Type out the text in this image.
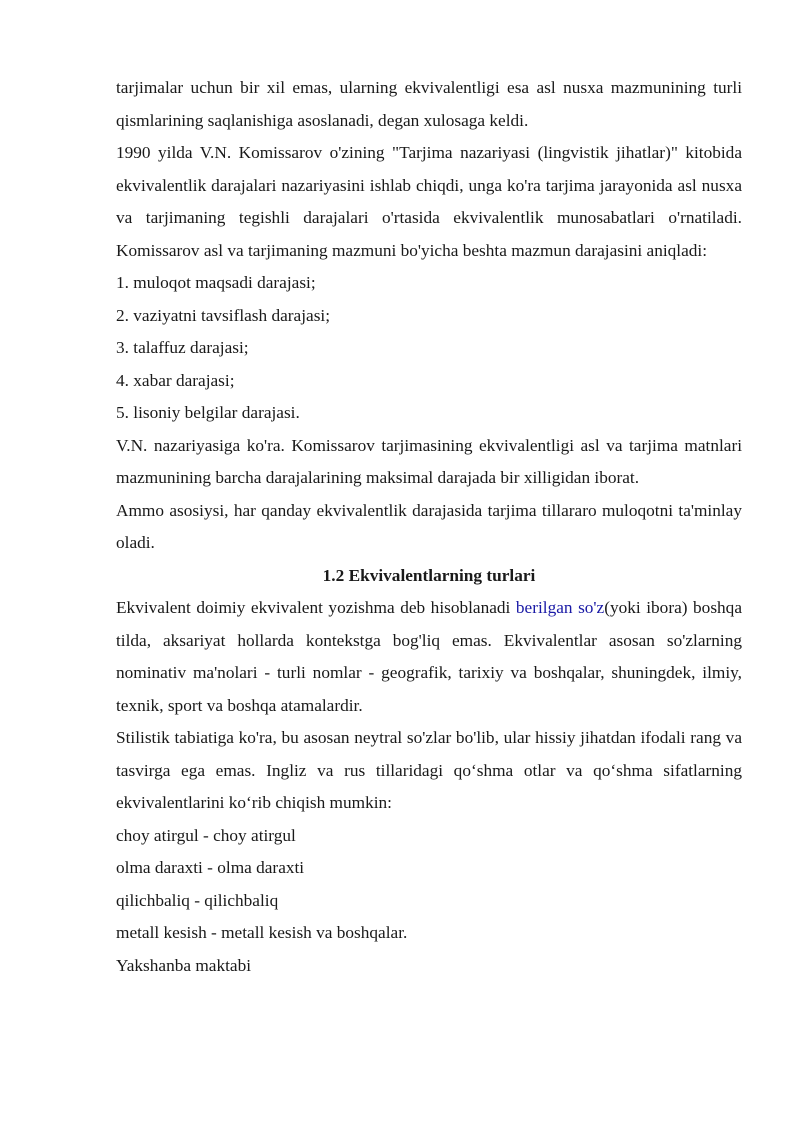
tarjimalar uchun bir xil emas, ularning ekvivalentligi esa asl nusxa mazmunining turli qismlarining saqlanishiga asoslanadi, degan xulosaga keldi.

1990 yilda V.N. Komissarov o'zining "Tarjima nazariyasi (lingvistik jihatlar)" kitobida ekvivalentlik darajalari nazariyasini ishlab chiqdi, unga ko'ra tarjima jarayonida asl nusxa va tarjimaning tegishli darajalari o'rtasida ekvivalentlik munosabatlari o'rnatiladi. Komissarov asl va tarjimaning mazmuni bo'yicha beshta mazmun darajasini aniqladi:

1. muloqot maqsadi darajasi;

2. vaziyatni tavsiflash darajasi;

3. talaffuz darajasi;

4. xabar darajasi;

5. lisoniy belgilar darajasi.

V.N. nazariyasiga ko'ra. Komissarov tarjimasining ekvivalentligi asl va tarjima matnlari mazmunining barcha darajalarining maksimal darajada bir xilligidan iborat.

Ammo asosiysi, har qanday ekvivalentlik darajasida tarjima tillararo muloqotni ta'minlay oladi.

1.2 Ekvivalentlarning turlari

Ekvivalent doimiy ekvivalent yozishma deb hisoblanadi berilgan so'z(yoki ibora) boshqa tilda, aksariyat hollarda kontekstga bog'liq emas. Ekvivalentlar asosan so'zlarning nominativ ma'nolari - turli nomlar - geografik, tarixiy va boshqalar, shuningdek, ilmiy, texnik, sport va boshqa atamalardir.

Stilistik tabiatiga ko'ra, bu asosan neytral so'zlar bo'lib, ular hissiy jihatdan ifodali rang va tasvirga ega emas. Ingliz va rus tillaridagi qo‘shma otlar va qo‘shma sifatlarning ekvivalentlarini ko‘rib chiqish mumkin:

choy atirgul - choy atirgul

olma daraxti - olma daraxti

qilichbaliq - qilichbaliq

metall kesish - metall kesish va boshqalar.

Yakshanba maktabi
